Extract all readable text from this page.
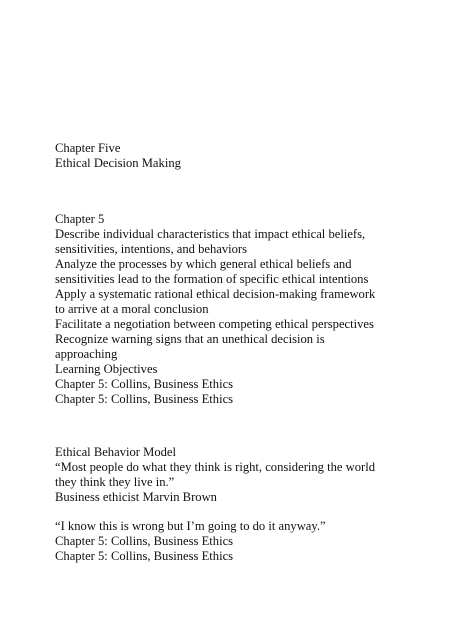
Chapter Five
Ethical Decision Making
Chapter 5
Describe individual characteristics that impact ethical beliefs,
sensitivities, intentions, and behaviors
Analyze the processes by which general ethical beliefs and
sensitivities lead to the formation of specific ethical intentions
Apply a systematic rational ethical decision-making framework
to arrive at a moral conclusion
Facilitate a negotiation between competing ethical perspectives
Recognize warning signs that an unethical decision is
approaching
Learning Objectives
Chapter 5: Collins, Business Ethics
Chapter 5: Collins, Business Ethics
Ethical Behavior Model
“Most people do what they think is right, considering the world
they think they live in.”
Business ethicist Marvin Brown
“I know this is wrong but I’m going to do it anyway.”
Chapter 5: Collins, Business Ethics
Chapter 5: Collins, Business Ethics
